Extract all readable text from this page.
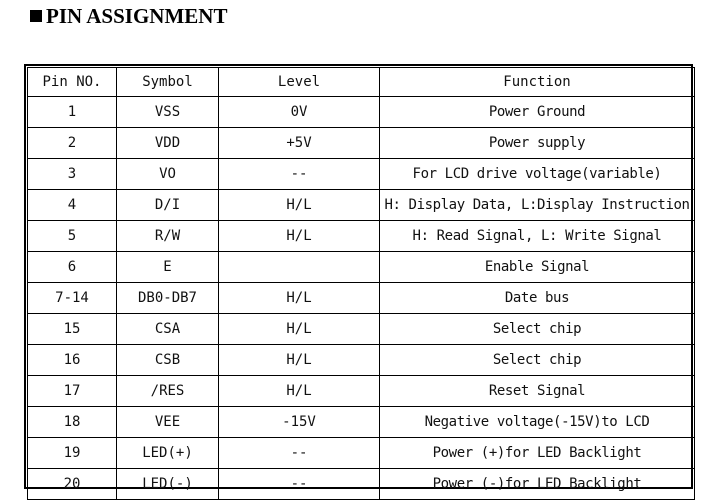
PIN ASSIGNMENT
Pin NO.	Symbol	Level	Function
1	VSS	0V	Power Ground
2	VDD	+5V	Power supply
3	VO	--	For LCD drive voltage(variable)
4	D/I	H/L	H: Display Data, L:Display Instruction
5	R/W	H/L	H: Read Signal, L: Write Signal
6	E		Enable Signal
7-14	DB0-DB7	H/L	Date bus
15	CSA	H/L	Select chip
16	CSB	H/L	Select chip
17	/RES	H/L	Reset Signal
18	VEE	-15V	Negative voltage(-15V)to LCD
19	LED(+)	--	Power (+)for LED Backlight
20	LED(-)	--	Power (-)for LED Backlight
